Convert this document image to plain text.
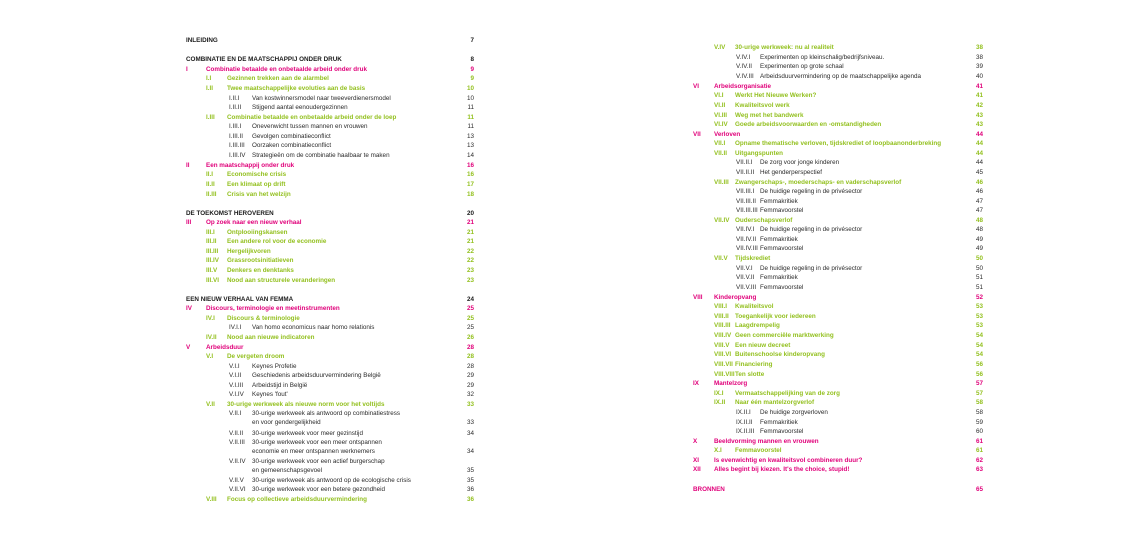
INLEIDING	7
COMBINATIE EN DE MAATSCHAPPIJ ONDER DRUK	8
I	Combinatie betaalde en onbetaalde arbeid onder druk	9
I.I	Gezinnen trekken aan de alarmbel	9
I.II Twee maatschappelijke evoluties aan de basis	10
I.II.I Van kostwinnersmodel naar tweeverdienersmodel	10
I.II.II Stijgend aantal eenoudergezinnen	11
I.III Combinatie betaalde en onbetaalde arbeid onder de loep	11
I.III.I Onevenwicht tussen mannen en vrouwen	11
I.III.II Gevolgen combinatieconflict	13
I.III.III Oorzaken combinatieconflict	13
I.III.IV Strategieën om de combinatie haalbaar te maken	14
II	Een maatschappij onder druk	16
II.I Economische crisis	16
II.II Een klimaat op drift	17
II.III Crisis van het welzijn	18
DE TOEKOMST HEROVEREN	20
III Op zoek naar een nieuw verhaal	21
III.I Ontplooiingskansen	21
III.II Een andere rol voor de economie	21
III.III Hergelijkvoren	22
III.IV Grassrootsinitiatieven	22
III.V Denkers en denktanks	23
III.VI Nood aan structurele veranderingen	23
EEN NIEUW VERHAAL VAN FEMMA	24
IV Discours, terminologie en meetinstrumenten	25
IV.I Discours & terminologie	25
IV.I.I Van homo economicus naar homo relationis	25
IV.II Nood aan nieuwe indicatoren	26
V	Arbeidsduur	28
V.I De vergeten droom	28
V.I.I Keynes Profetie	28
V.I.II Geschiedenis arbeidsduurvermindering België	29
V.I.III Arbeidstijd in België	29
V.I.IV Keynes 'fout'	32
V.II 30-urige werkweek als nieuwe norm voor het voltijds	33
V.II.I 30-urige werkweek als antwoord op combinatiestress
en voor gendergelijkheid	33
V.II.II 30-urige werkweek voor meer gezinstijd	34
V.II.III 30-urige werkweek voor een meer ontspannen
economie en meer ontspannen werknemers	34
V.II.IV 30-urige werkweek voor een actief burgerschap
en gemeenschapsgevoel	35
V.II.V 30-urige werkweek als antwoord op de ecologische crisis	35
V.II.VI 30-urige werkweek voor een betere gezondheid	36
V.III Focus op collectieve arbeidsduurvermindering	36
V.IV 30-urige werkweek: nu al realiteit	38
V.IV.I Experimenten op kleinschalig/bedrijfsniveau.	38
V.IV.II Experimenten op grote schaal	39
V.IV.III Arbeidsduurvermindering op de maatschappelijke agenda	40
VI Arbeidsorganisatie	41
VI.I Werkt Het Nieuwe Werken?	41
VI.II Kwaliteitsvol werk	42
VI.III Weg met het bandwerk	43
VI.IV Goede arbeidsvoorwaarden en -omstandigheden	43
VII Verloven	44
VII.I Opname thematische verloven, tijdskrediet of loopbaanonderbreking	44
VII.II Uitgangspunten	44
VII.II.I De zorg voor jonge kinderen	44
VII.II.II Het genderperspectief	45
VII.III Zwangerschaps-, moederschaps- en vaderschapsverlof	46
VII.III.I De huidige regeling in de privésector	46
VII.III.II Femmakritiek	47
VII.III.III Femmavoorstel	47
VII.IV Ouderschapsverlof	48
VII.IV.I De huidige regeling in de privésector	48
VII.IV.II Femmakritiek	49
VII.IV.III Femmavoorstel	49
VII.V Tijdskrediet	50
VII.V.I De huidige regeling in de privésector	50
VII.V.II Femmakritiek	51
VII.V.III Femmavoorstel	51
VIII Kinderopvang	52
VIII.I Kwaliteitsvol	53
VIII.II Toegankelijk voor iedereen	53
VIII.III Laagdrempelig	53
VIII.IV Geen commerciële marktwerking	54
VIII.V Een nieuw decreet	54
VIII.VI Buitenschoolse kinderopvang	54
VIII.VII Financiering	56
VIII.VIII Ten slotte	56
IX Mantelzorg	57
IX.I Vermaatschappelijking van de zorg	57
IX.II Naar één mantelzorgverlof	58
IX.II.I De huidige zorgverloven	58
IX.II.II Femmakritiek	59
IX.II.III Femmavoorstel	60
X	Beeldvorming mannen en vrouwen	61
X.I Femmavoorstel	61
XI Is evenwichtig en kwaliteitsvol combineren duur?	62
XII Alles begint bij kiezen. It's the choice, stupid!	63
BRONNEN	65
